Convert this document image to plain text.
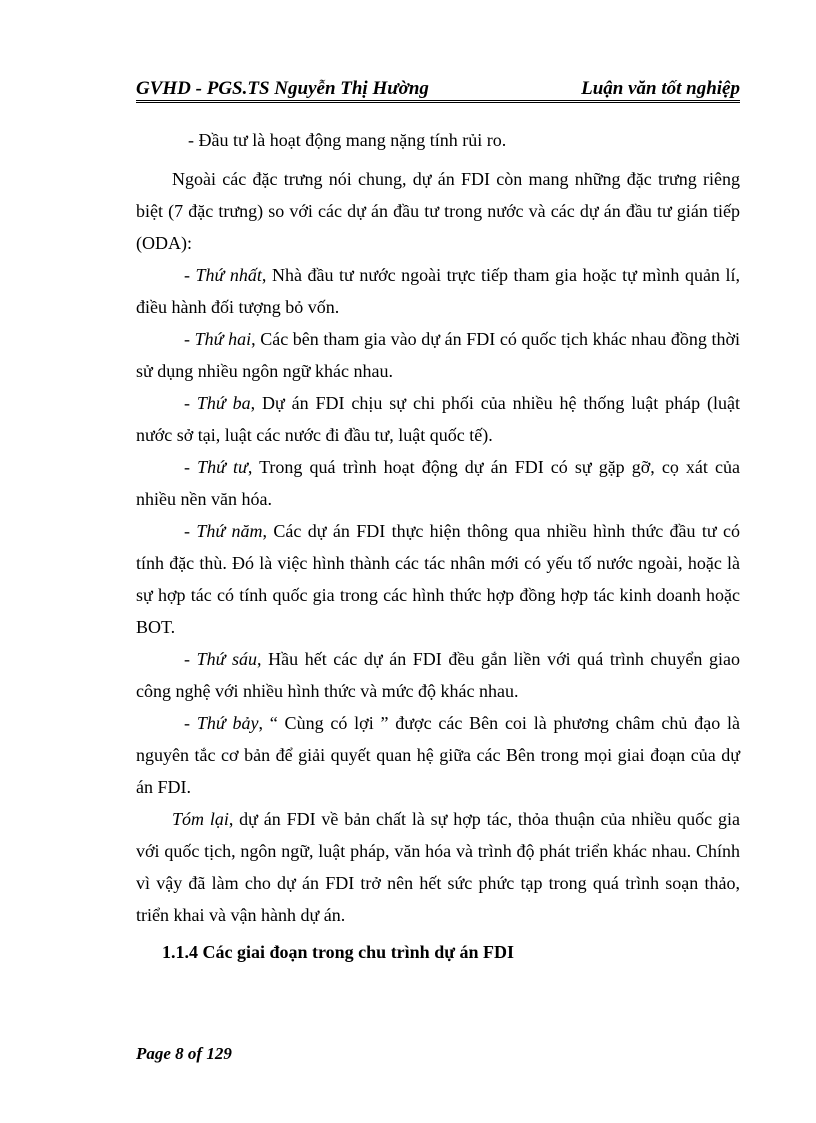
GVHD - PGS.TS Nguyễn Thị Hường	Luận văn tốt nghiệp

- Đầu tư là hoạt động mang nặng tính rủi ro.

Ngoài các đặc trưng nói chung, dự án FDI còn mang những đặc trưng riêng biệt (7 đặc trưng) so với các dự án đầu tư trong nước và các dự án đầu tư gián tiếp (ODA):

- Thứ nhất, Nhà đầu tư nước ngoài trực tiếp tham gia hoặc tự mình quản lí, điều hành đối tượng bỏ vốn.

- Thứ hai, Các bên tham gia vào dự án FDI có quốc tịch khác nhau đồng thời sử dụng nhiều ngôn ngữ khác nhau.

- Thứ ba, Dự án FDI chịu sự chi phối của nhiều hệ thống luật pháp (luật nước sở tại, luật các nước đi đầu tư, luật quốc tế).

- Thứ tư, Trong quá trình hoạt động dự án FDI có sự gặp gỡ, cọ xát của nhiều nền văn hóa.

- Thứ năm, Các dự án FDI thực hiện thông qua nhiều hình thức đầu tư có tính đặc thù. Đó là việc hình thành các tác nhân mới có yếu tố nước ngoài, hoặc là sự hợp tác có tính quốc gia trong các hình thức hợp đồng hợp tác kinh doanh hoặc BOT.

- Thứ sáu, Hầu hết các dự án FDI đều gắn liền với quá trình chuyển giao công nghệ với nhiều hình thức và mức độ khác nhau.

- Thứ bảy, “ Cùng có lợi ” được các Bên coi là phương châm chủ đạo là nguyên tắc cơ bản để giải quyết quan hệ giữa các Bên trong mọi giai đoạn của dự án FDI.

Tóm lại, dự án FDI về bản chất là sự hợp tác, thỏa thuận của nhiều quốc gia với quốc tịch, ngôn ngữ, luật pháp, văn hóa và trình độ phát triển khác nhau. Chính vì vậy đã làm cho dự án FDI trở nên hết sức phức tạp trong quá trình soạn thảo, triển khai và vận hành dự án.

1.1.4 Các giai đoạn trong chu trình dự án FDI
Page 8 of 129
